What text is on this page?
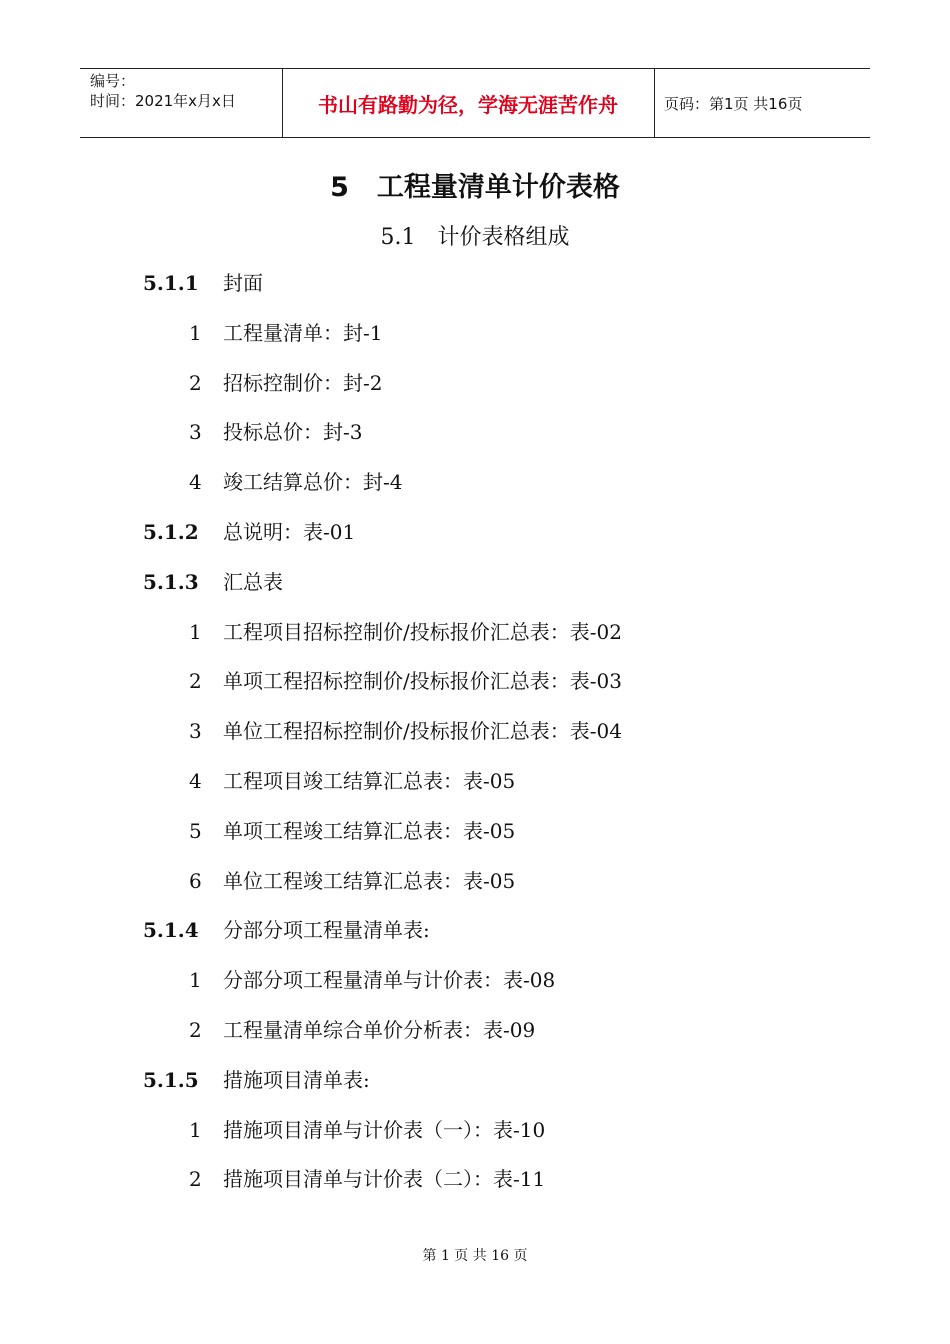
编号：
时间：2021年x月x日	书山有路勤为径，学海无涯苦作舟	页码：第1页 共16页
5 工程量清单计价表格
5.1 计价表格组成
5.1.1 封面
1 工程量清单：封-1
2 招标控制价：封-2
3 投标总价：封-3
4 竣工结算总价：封-4
5.1.2 总说明：表-01
5.1.3 汇总表
1 工程项目招标控制价/投标报价汇总表：表-02
2 单项工程招标控制价/投标报价汇总表：表-03
3 单位工程招标控制价/投标报价汇总表：表-04
4 工程项目竣工结算汇总表：表-05
5 单项工程竣工结算汇总表：表-05
6 单位工程竣工结算汇总表：表-05
5.1.4 分部分项工程量清单表:
1 分部分项工程量清单与计价表：表-08
2 工程量清单综合单价分析表：表-09
5.1.5 措施项目清单表:
1 措施项目清单与计价表（一）：表-10
2 措施项目清单与计价表（二）：表-11
第 1 页 共 16 页
